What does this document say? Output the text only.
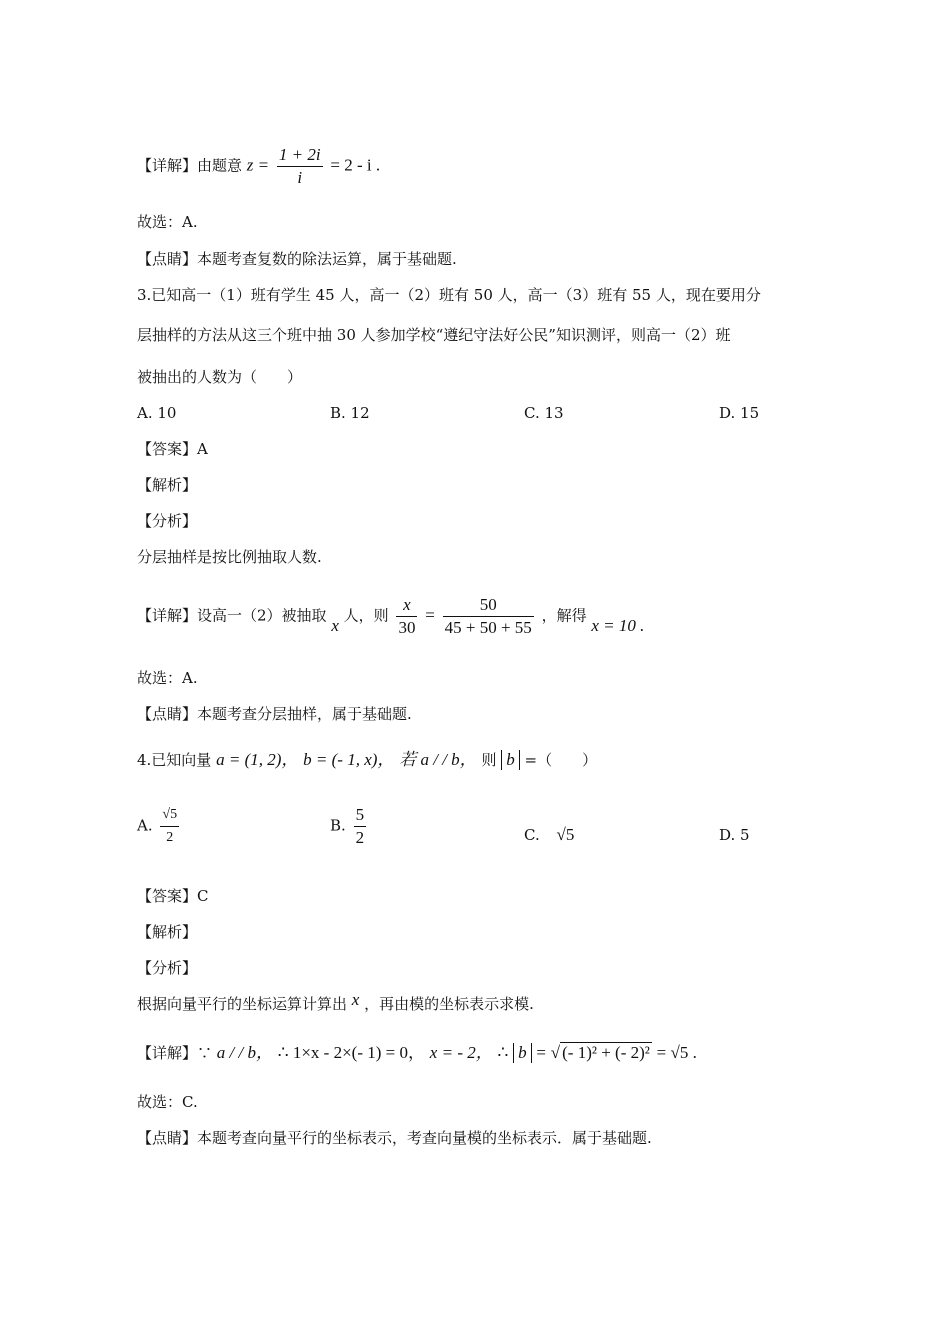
【详解】由题意 $z = \frac{1 + 2i}{i} = 2 - i$ .
故选：A.
【点睛】本题考查复数的除法运算，属于基础题.
3.已知高一（1）班有学生 45 人，高一（2）班有 50 人，高一（3）班有 55 人，现在要用分
层抽样的方法从这三个班中抽 30 人参加学校“遵纪守法好公民”知识测评，则高一（2）班
被抽出的人数为（　　）
A. 10	B. 12	C. 13	D. 15
【答案】A
【解析】
【分析】
分层抽样是按比例抽取人数.
【详解】设高一（2）被抽取 x 人，则 $\frac{x}{30} = \frac{50}{45 + 50 + 55}$ ，解得 x = 10 .
故选：A.
【点睛】本题考查分层抽样，属于基础题.
4.已知向量 a = (1, 2)， b = (- 1, x)， 若 a / / b， 则 b =（　　）
A. $\frac{√5}{2}$	B. $\frac{5}{2}$	C. √5	D. 5
【答案】C
【解析】
【分析】
根据向量平行的坐标运算计算出 x ，再由模的坐标表示求模.
【详解】∵ a / / b， ∴ 1×x - 2×(- 1) = 0， x = - 2， ∴ b = √ (- 1)² + (- 2)² = √5 .
故选：C.
【点睛】本题考查向量平行的坐标表示，考查向量模的坐标表示．属于基础题.
